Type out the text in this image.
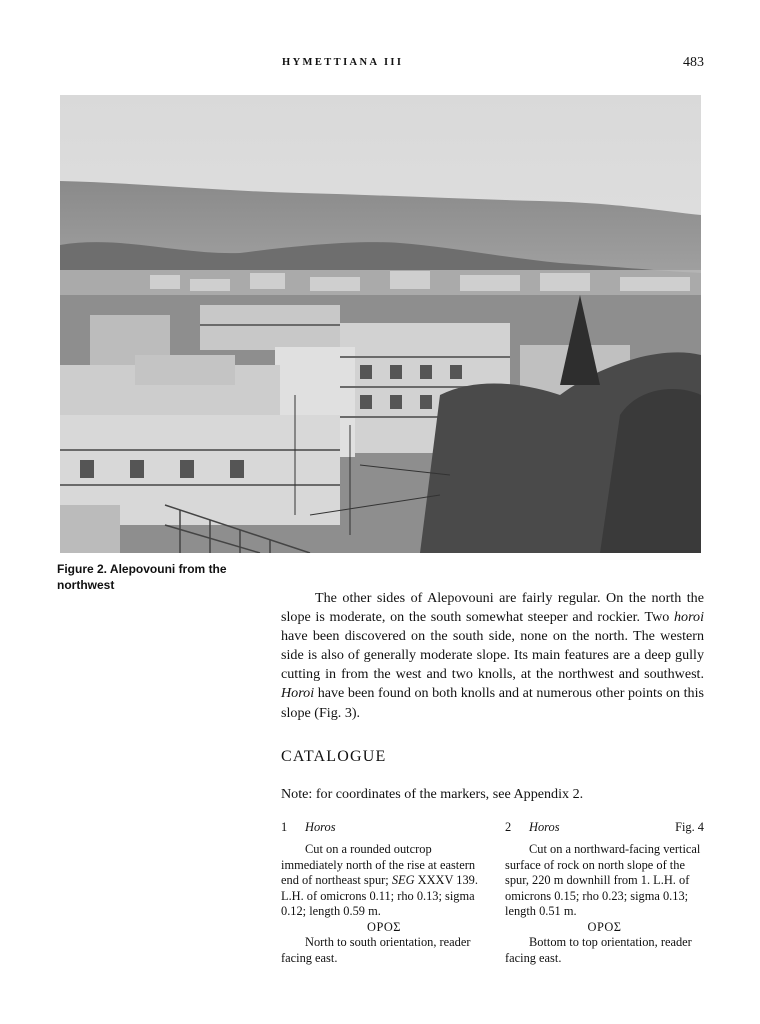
HYMETTIANA III	483
Figure 2. Alepovouni from the northwest

The other sides of Alepovouni are fairly regular. On the north the slope is moderate, on the south somewhat steeper and rockier. Two horoi have been discovered on the south side, none on the north. The western side is also of generally moderate slope. Its main features are a deep gully cutting in from the west and two knolls, at the northwest and southwest. Horoi have been found on both knolls and at numerous other points on this slope (Fig. 3).

CATALOGUE
Note: for coordinates of the markers, see Appendix 2.
1 Horos

Cut on a rounded outcrop immediately north of the rise at eastern end of northeast spur; SEG XXXV 139. L.H. of omicrons 0.11; rho 0.13; sigma 0.12; length 0.59 m.

ΟΡΟΣ

North to south orientation, reader facing east.

2 Horos	Fig. 4

Cut on a northward-facing vertical surface of rock on north slope of the spur, 220 m downhill from 1. L.H. of omicrons 0.15; rho 0.23; sigma 0.13; length 0.51 m.

ΟΡΟΣ

Bottom to top orientation, reader facing east.
